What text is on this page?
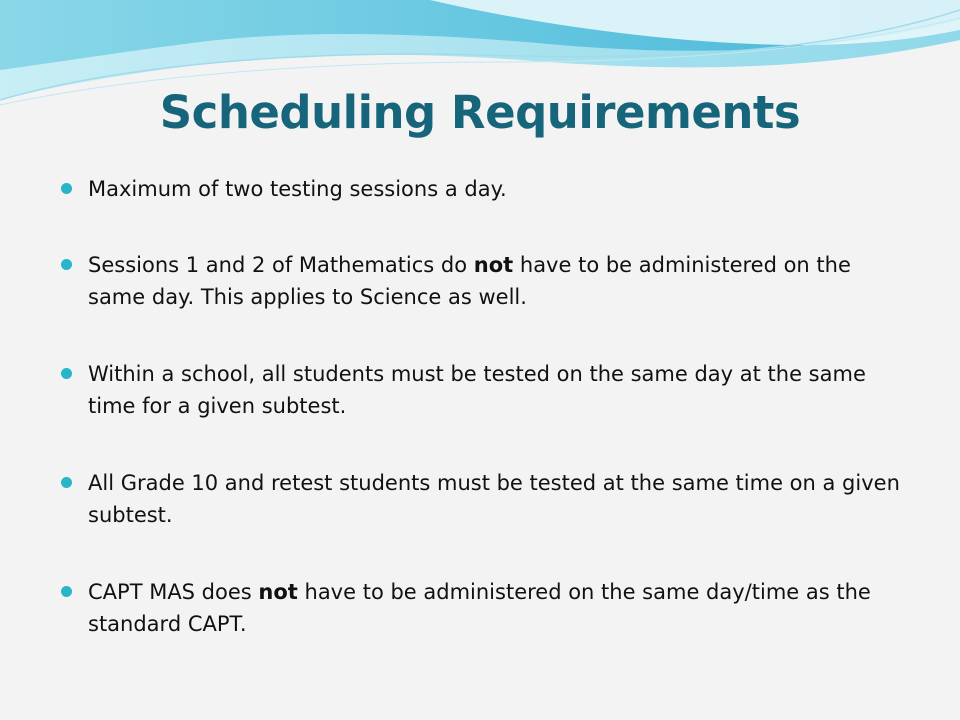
Scheduling Requirements
Maximum of two testing sessions a day.
Sessions 1 and 2 of Mathematics do not have to be administered on the same day. This applies to Science as well.
Within a school, all students must be tested on the same day at the same time for a given subtest.
All Grade 10 and retest students must be tested at the same time on a given subtest.
CAPT MAS does not have to be administered on the same day/time as the standard CAPT.
